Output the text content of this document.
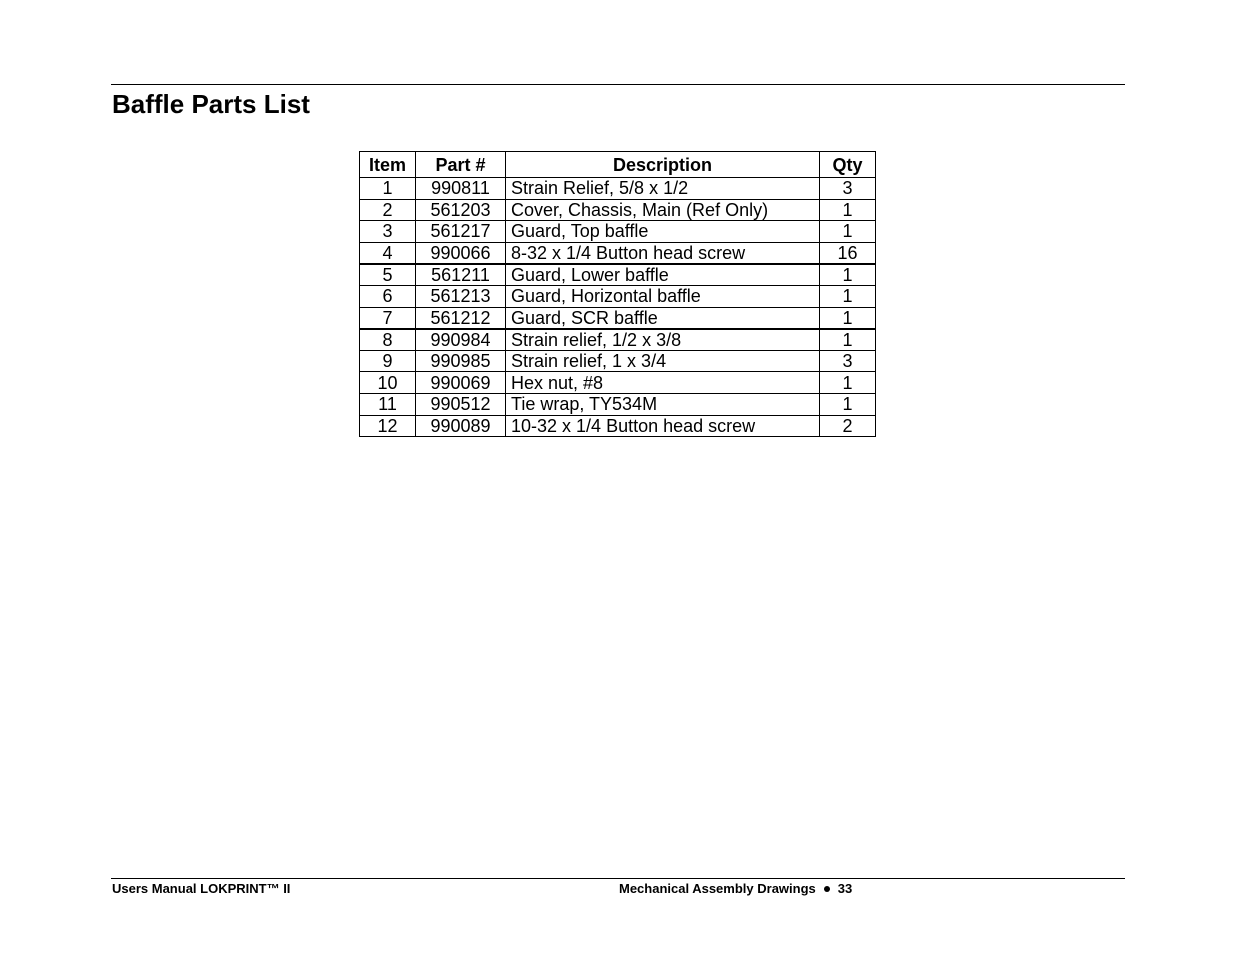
Baffle Parts List
Item	Part #	Description	Qty
1	990811	Strain Relief, 5/8 x 1/2	3
2	561203	Cover, Chassis, Main (Ref Only)	1
3	561217	Guard, Top baffle	1
4	990066	8-32 x 1/4 Button head screw	16
5	561211	Guard, Lower baffle	1
6	561213	Guard, Horizontal baffle	1
7	561212	Guard, SCR baffle	1
8	990984	Strain relief, 1/2 x 3/8	1
9	990985	Strain relief, 1 x 3/4	3
10	990069	Hex nut, #8	1
11	990512	Tie wrap, TY534M	1
12	990089	10-32 x 1/4 Button head screw	2
Users Manual LOKPRINT™ II	Mechanical Assembly Drawings 33
